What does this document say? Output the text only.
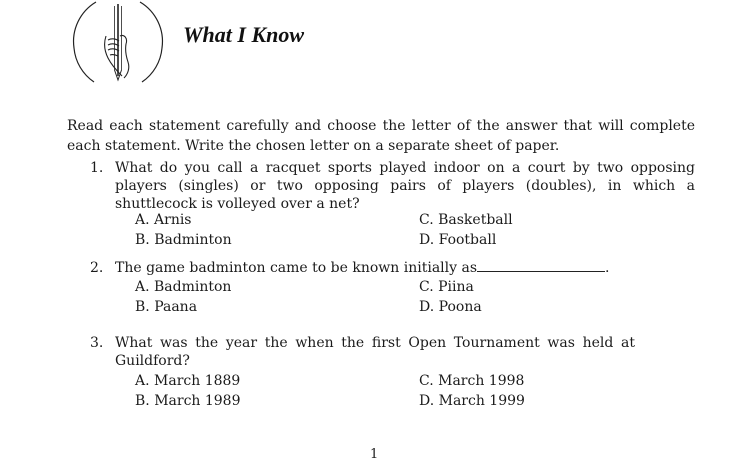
What I Know
Read each statement carefully and choose the letter of the answer that will complete each statement. Write the chosen letter on a separate sheet of paper.
1. What do you call a racquet sports played indoor on a court by two opposing players (singles) or two opposing pairs of players (doubles), in which a shuttlecock is volleyed over a net?
A. Arnis
B. Badminton
C. Basketball
D. Football
2. The game badminton came to be known initially as	.
A. Badminton
B. Paana
C. Piina
D. Poona
3. What was the year the when the first Open Tournament was held at Guildford?
A. March 1889
B. March 1989
C. March 1998
D. March 1999
1
